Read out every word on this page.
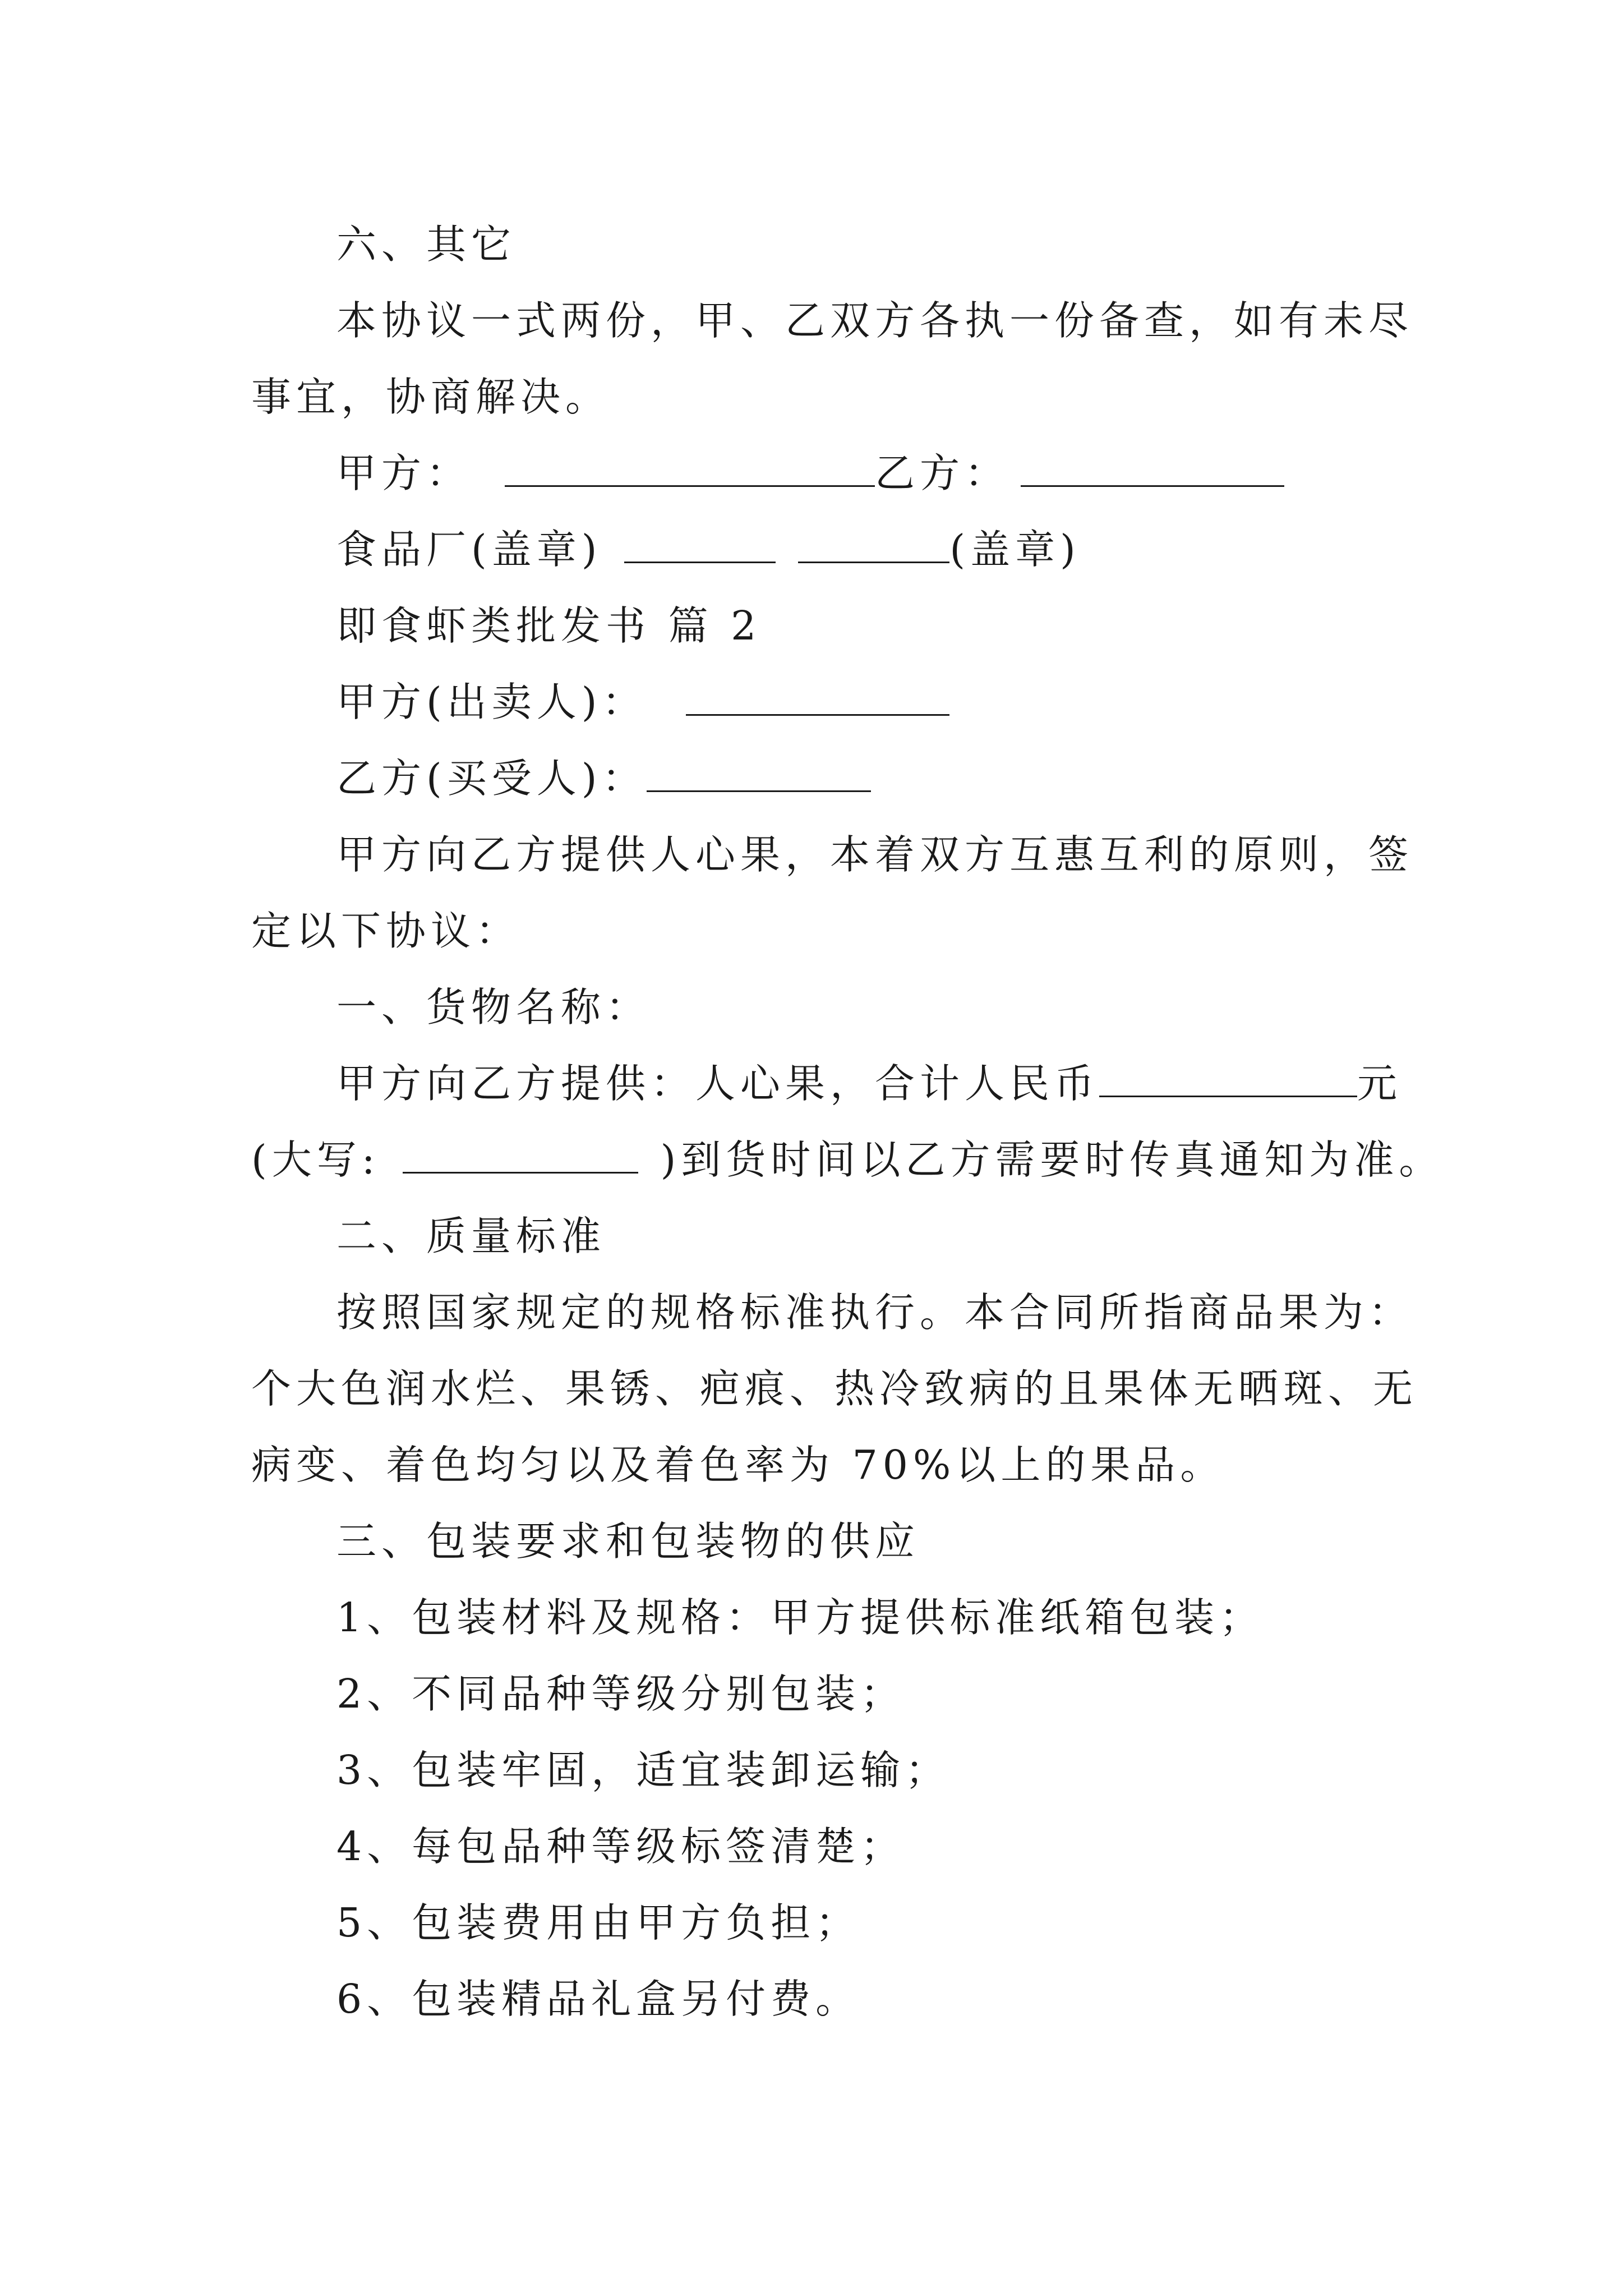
六、其它

本协议一式两份，甲、乙双方各执一份备查，如有未尽

事宜，协商解决。

甲方：	乙方：

食品厂(盖章)	(盖章)

即食虾类批发书 篇 2

甲方(出卖人)：

乙方(买受人)：

甲方向乙方提供人心果，本着双方互惠互利的原则，签

定以下协议：

一、货物名称：

甲方向乙方提供：人心果，合计人民币	元

(大写:	)到货时间以乙方需要时传真通知为准。

二、质量标准

按照国家规定的规格标准执行。本合同所指商品果为：

个大色润水烂、果锈、疤痕、热冷致病的且果体无晒斑、无

病变、着色均匀以及着色率为 70%以上的果品。

三、包装要求和包装物的供应

1、包装材料及规格：甲方提供标准纸箱包装；

2、不同品种等级分别包装；

3、包装牢固，适宜装卸运输；

4、每包品种等级标签清楚；

5、包装费用由甲方负担；

6、包装精品礼盒另付费。
